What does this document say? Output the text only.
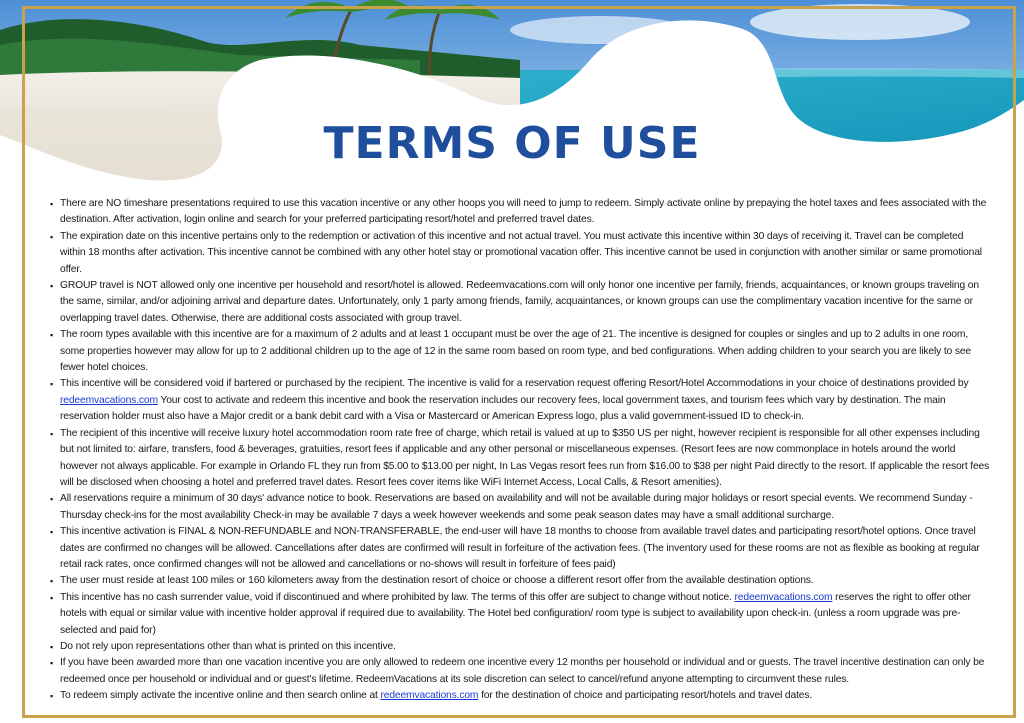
TERMS OF USE
▪ There are NO timeshare presentations required to use this vacation incentive or any other hoops you will need to jump to redeem. Simply activate online by prepaying the hotel taxes and fees associated with the destination. After activation, login online and search for your preferred participating resort/hotel and preferred travel dates.
▪ The expiration date on this incentive pertains only to the redemption or activation of this incentive and not actual travel. You must activate this incentive within 30 days of receiving it. Travel can be completed within 18 months after activation. This incentive cannot be combined with any other hotel stay or promotional vacation offer. This incentive cannot be used in conjunction with another similar or same promotional offer.
▪ GROUP travel is NOT allowed only one incentive per household and resort/hotel is allowed. Redeemvacations.com will only honor one incentive per family, friends, acquaintances, or known groups traveling on the same, similar, and/or adjoining arrival and departure dates. Unfortunately, only 1 party among friends, family, acquaintances, or known groups can use the complimentary vacation incentive for the same or overlapping travel dates. Otherwise, there are additional costs associated with group travel.
▪ The room types available with this incentive are for a maximum of 2 adults and at least 1 occupant must be over the age of 21. The incentive is designed for couples or singles and up to 2 adults in one room, some properties however may allow for up to 2 additional children up to the age of 12 in the same room based on room type, and bed configurations. When adding children to your search you are likely to see fewer hotel choices.
▪ This incentive will be considered void if bartered or purchased by the recipient. The incentive is valid for a reservation request offering Resort/Hotel Accommodations in your choice of destinations provided by redeemvacations.com Your cost to activate and redeem this incentive and book the reservation includes our recovery fees, local government taxes, and tourism fees which vary by destination. The main reservation holder must also have a Major credit or a bank debit card with a Visa or Mastercard or American Express logo, plus a valid government-issued ID to check-in.
▪ The recipient of this incentive will receive luxury hotel accommodation room rate free of charge, which retail is valued at up to $350 US per night, however recipient is responsible for all other expenses including but not limited to: airfare, transfers, food & beverages, gratuities, resort fees if applicable and any other personal or miscellaneous expenses. (Resort fees are now commonplace in hotels around the world however not always applicable. For example in Orlando FL they run from $5.00 to $13.00 per night, In Las Vegas resort fees run from $16.00 to $38 per night Paid directly to the resort. If applicable the resort fees will be disclosed when choosing a hotel and preferred travel dates. Resort fees cover items like WiFi Internet Access, Local Calls, & Resort amenities).
▪ All reservations require a minimum of 30 days' advance notice to book. Reservations are based on availability and will not be available during major holidays or resort special events. We recommend Sunday - Thursday check-ins for the most availability Check-in may be available 7 days a week however weekends and some peak season dates may have a small additional surcharge.
▪ This incentive activation is FINAL & NON-REFUNDABLE and NON-TRANSFERABLE, the end-user will have 18 months to choose from available travel dates and participating resort/hotel options. Once travel dates are confirmed no changes will be allowed. Cancellations after dates are confirmed will result in forfeiture of the activation fees. (The inventory used for these rooms are not as flexible as booking at regular retail rack rates, once confirmed changes will not be allowed and cancellations or no-shows will result in forfeiture of fees paid)
▪ The user must reside at least 100 miles or 160 kilometers away from the destination resort of choice or choose a different resort offer from the available destination options.
▪ This incentive has no cash surrender value, void if discontinued and where prohibited by law. The terms of this offer are subject to change without notice. redeemvacations.com reserves the right to offer other hotels with equal or similar value with incentive holder approval if required due to availability. The Hotel bed configuration/ room type is subject to availability upon check-in. (unless a room upgrade was pre-selected and paid for)
▪ Do not rely upon representations other than what is printed on this incentive.
▪ If you have been awarded more than one vacation incentive you are only allowed to redeem one incentive every 12 months per household or individual and or guests. The travel incentive destination can only be redeemed once per household or individual and or guest's lifetime. RedeemVacations at its sole discretion can select to cancel/refund anyone attempting to circumvent these rules.
▪ To redeem simply activate the incentive online and then search online at redeemvacations.com for the destination of choice and participating resort/hotels and travel dates.
